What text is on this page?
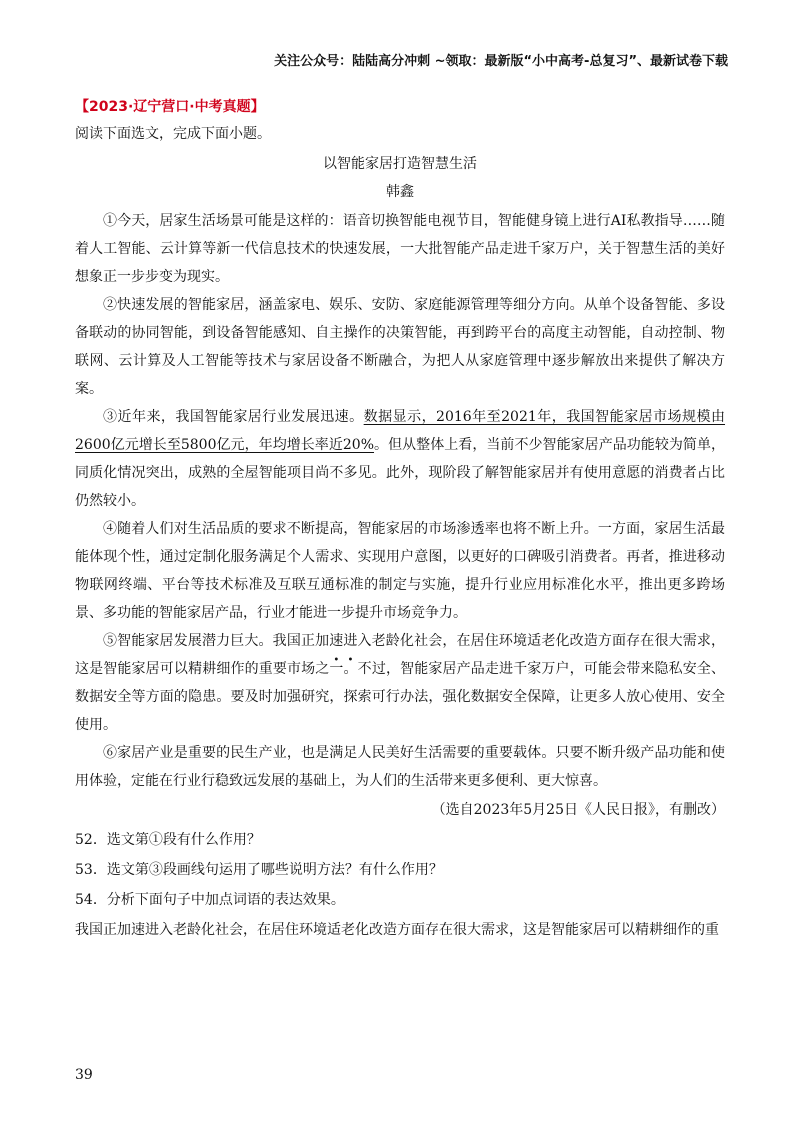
关注公众号：陆陆高分冲刺 ~领取：最新版“小中高考-总复习”、最新试卷下载
【2023·辽宁营口·中考真题】
阅读下面选文，完成下面小题。
以智能家居打造智慧生活
韩鑫

①今天，居家生活场景可能是这样的：语音切换智能电视节目，智能健身镜上进行AI私教指导……随着人工智能、云计算等新一代信息技术的快速发展，一大批智能产品走进千家万户，关于智慧生活的美好想象正一步步变为现实。

②快速发展的智能家居，涵盖家电、娱乐、安防、家庭能源管理等细分方向。从单个设备智能、多设备联动的协同智能，到设备智能感知、自主操作的决策智能，再到跨平台的高度主动智能，自动控制、物联网、云计算及人工智能等技术与家居设备不断融合，为把人从家庭管理中逐步解放出来提供了解决方案。

③近年来，我国智能家居行业发展迅速。数据显示，2016年至2021年，我国智能家居市场规模由2600亿元增长至5800亿元，年均增长率近20%。但从整体上看，当前不少智能家居产品功能较为简单，同质化情况突出，成熟的全屋智能项目尚不多见。此外，现阶段了解智能家居并有使用意愿的消费者占比仍然较小。

④随着人们对生活品质的要求不断提高，智能家居的市场渗透率也将不断上升。一方面，家居生活最能体现个性，通过定制化服务满足个人需求、实现用户意图，以更好的口碑吸引消费者。再者，推进移动物联网终端、平台等技术标准及互联互通标准的制定与实施，提升行业应用标准化水平，推出更多跨场景、多功能的智能家居产品，行业才能进一步提升市场竞争力。

⑤智能家居发展潜力巨大。我国正加速进入老龄化社会，在居住环境适老化改造方面存在很大需求，这是智能家居可以精耕细作的重要市场之一。不过，智能家居产品走进千家万户，可能会带来隐私安全、数据安全等方面的隐患。要及时加强研究，探索可行办法，强化数据安全保障，让更多人放心使用、安全使用。

⑥家居产业是重要的民生产业，也是满足人民美好生活需要的重要载体。只要不断升级产品功能和使用体验，定能在行业行稳致远发展的基础上，为人们的生活带来更多便利、更大惊喜。

（选自2023年5月25日《人民日报》，有删改）

52．选文第①段有什么作用？

53．选文第③段画线句运用了哪些说明方法？有什么作用？

54．分析下面句子中加点词语的表达效果。

我国正加速进入老龄化社会，在居住环境适老化改造方面存在很大需求，这是智能家居可以精耕细作的重

39
